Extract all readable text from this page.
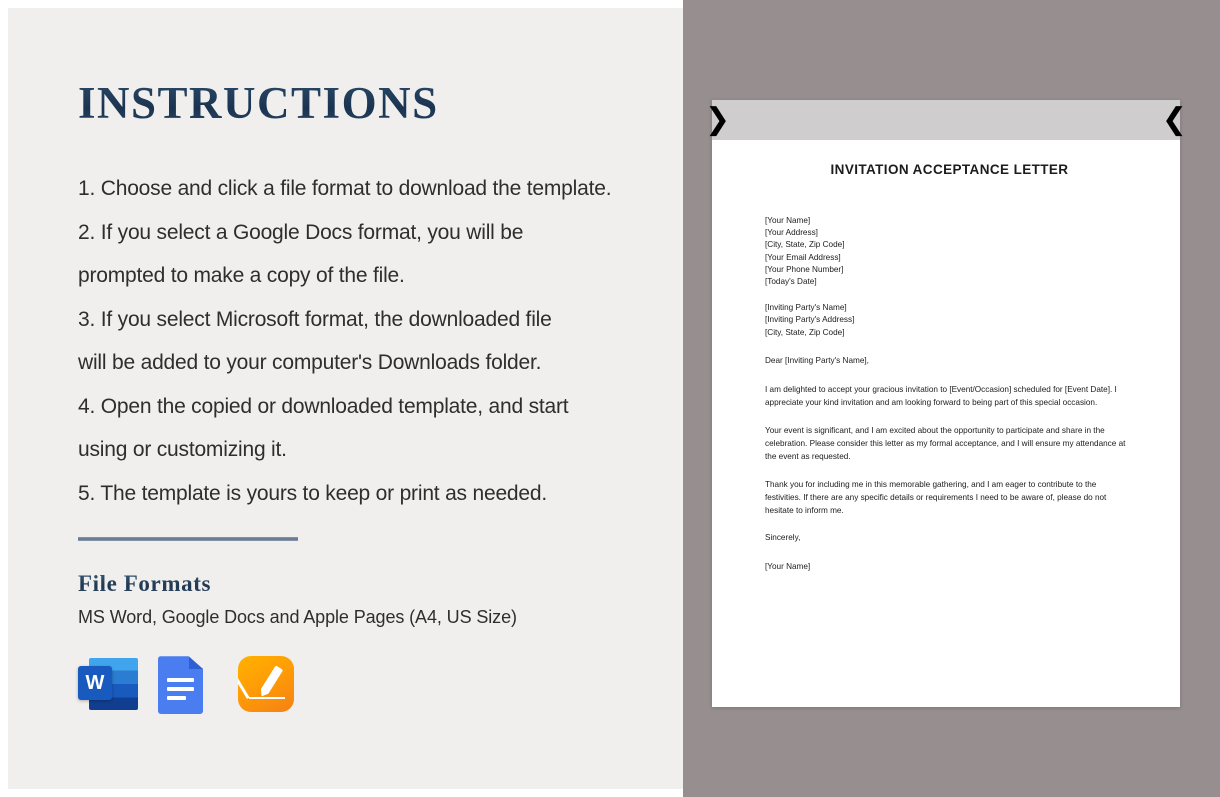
INSTRUCTIONS
1. Choose and click a file format to download the template.
2. If you select a Google Docs format, you will be
prompted to make a copy of the file.
3. If you select Microsoft format, the downloaded file
will be added to your computer's Downloads folder.
4. Open the copied or downloaded template, and start
using or customizing it.
5. The template is yours to keep or print as needed.
File Formats
MS Word, Google Docs and Apple Pages (A4, US Size)
W
❯	❮
INVITATION ACCEPTANCE LETTER
[Your Name]
[Your Address]
[City, State, Zip Code]
[Your Email Address]
[Your Phone Number]
[Today's Date]
[Inviting Party's Name]
[Inviting Party's Address]
[City, State, Zip Code]
Dear [Inviting Party's Name],
I am delighted to accept your gracious invitation to [Event/Occasion] scheduled for [Event Date]. I appreciate your kind invitation and am looking forward to being part of this special occasion.
Your event is significant, and I am excited about the opportunity to participate and share in the celebration. Please consider this letter as my formal acceptance, and I will ensure my attendance at the event as requested.
Thank you for including me in this memorable gathering, and I am eager to contribute to the festivities. If there are any specific details or requirements I need to be aware of, please do not hesitate to inform me.
Sincerely,
[Your Name]
